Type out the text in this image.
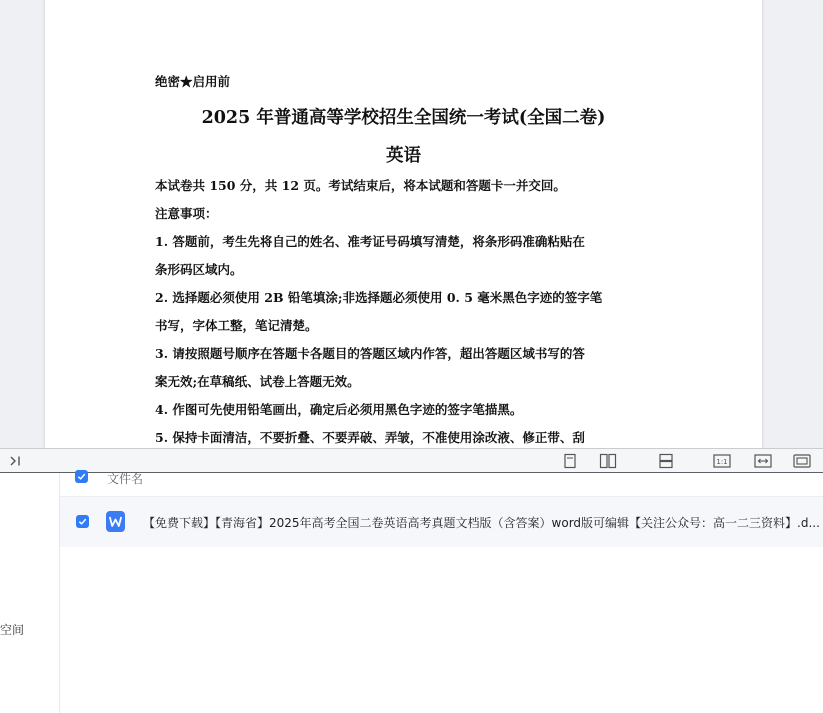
绝密★启用前
2025 年普通高等学校招生全国统一考试(全国二卷)
英语
本试卷共 150 分，共 12 页。考试结束后，将本试题和答题卡一并交回。
注意事项：
1. 答题前，考生先将自己的姓名、准考证号码填写清楚，将条形码准确粘贴在
条形码区域内。
2. 选择题必须使用 2B 铅笔填涂;非选择题必须使用 0. 5 毫米黑色字迹的签字笔
书写，字体工整，笔记清楚。
3. 请按照题号顺序在答题卡各题目的答题区域内作答，超出答题区域书写的答
案无效;在草稿纸、试卷上答题无效。
4. 作图可先使用铅笔画出，确定后必须用黑色字迹的签字笔描黑。
5. 保持卡面清洁，不要折叠、不要弄破、弄皱，不准使用涂改液、修正带、刮
1:1
空间
文件名
【免费下载】【青海省】2025年高考全国二卷英语高考真题文档版（含答案）word版可编辑【关注公众号：高一二三资料】.d...
